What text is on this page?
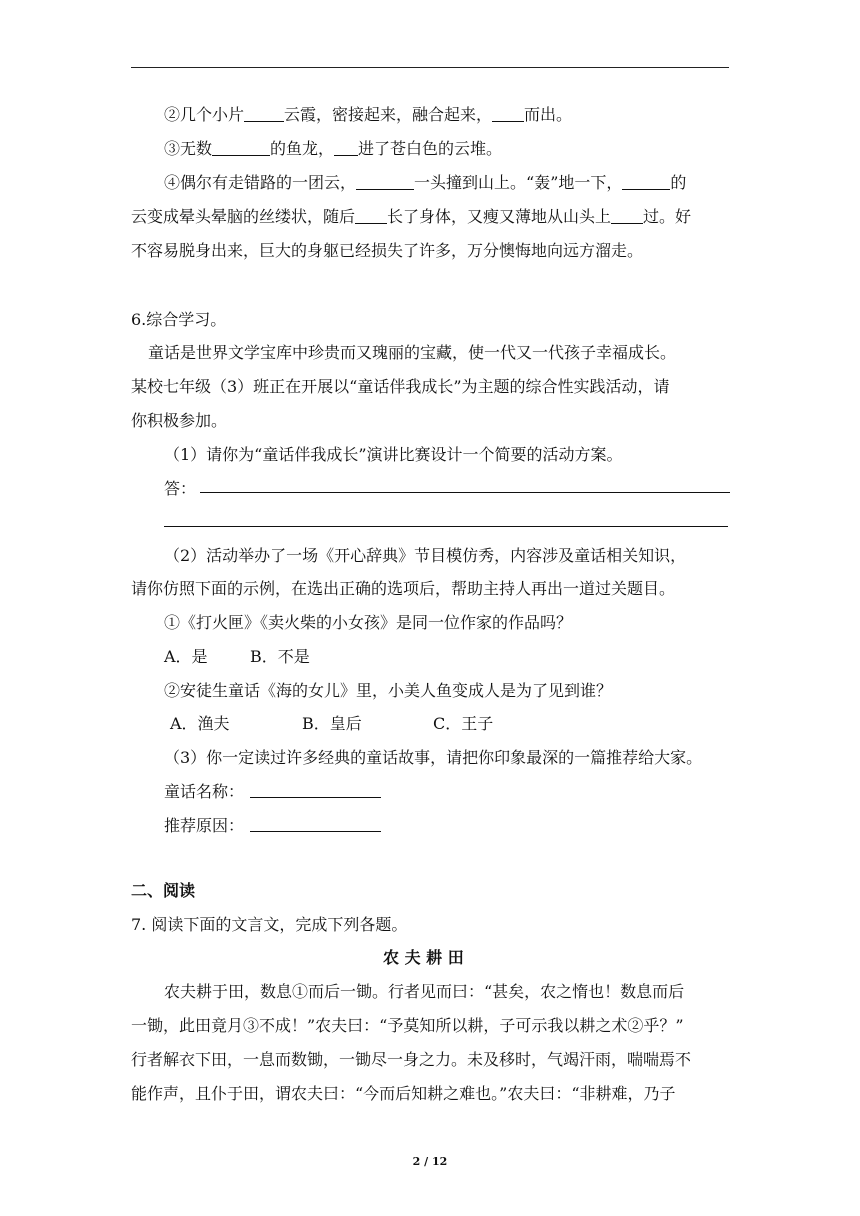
②几个小片	云霞，密接起来，融合起来， 而出。
③无数	的鱼龙， 进了苍白色的云堆。
④偶尔有走错路的一团云，	一头撞到山上。“轰”地一下，	的
云变成晕头晕脑的丝缕状，随后 长了身体，又瘦又薄地从山头上 过。好
不容易脱身出来，巨大的身躯已经损失了许多，万分懊悔地向远方溜走。
6.综合学习。
童话是世界文学宝库中珍贵而又瑰丽的宝藏，使一代又一代孩子幸福成长。
某校七年级（3）班正在开展以“童话伴我成长”为主题的综合性实践活动，请
你积极参加。
（1）请你为“童话伴我成长”演讲比赛设计一个简要的活动方案。
答：
（2）活动举办了一场《开心辞典》节目模仿秀，内容涉及童话相关知识，
请你仿照下面的示例，在选出正确的选项后，帮助主持人再出一道过关题目。
①《打火匣》《卖火柴的小女孩》是同一位作家的作品吗？
A．是	B．不是
②安徒生童话《海的女儿》里，小美人鱼变成人是为了见到谁？
A．渔夫	B．皇后	C．王子
（3）你一定读过许多经典的童话故事，请把你印象最深的一篇推荐给大家。
童话名称：
推荐原因：
二、阅读
7. 阅读下面的文言文，完成下列各题。
农 夫 耕 田
农夫耕于田，数息①而后一锄。行者见而曰：“甚矣，农之惰也！数息而后
一锄，此田竟月③不成！”农夫曰：“予莫知所以耕，子可示我以耕之术②乎？”
行者解衣下田，一息而数锄，一锄尽一身之力。未及移时，气竭汗雨，喘喘焉不
能作声，且仆于田，谓农夫曰：“今而后知耕之难也。”农夫曰：“非耕难，乃子
2 / 12
